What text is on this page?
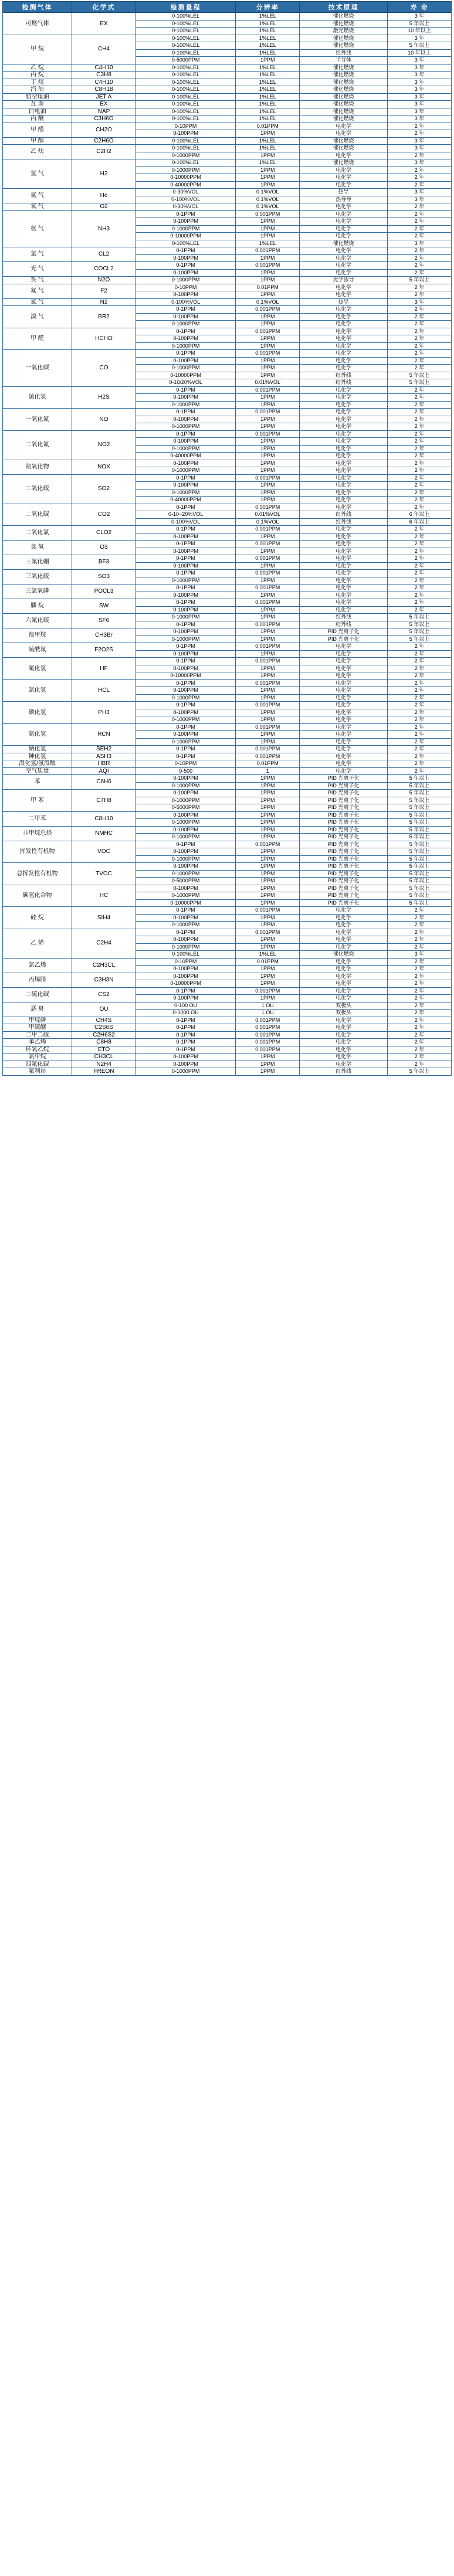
检测气体	化学式	检测量程	分辨率	技术原理	寿 命
可燃气体	EX	0-100%LEL	1%LEL	催化燃烧	3 年
		0-100%LEL	1%LEL	催化燃烧	5 年以上
		0-100%LEL	1%LEL	激光燃烧	10 年以上
甲 烷	CH4	0-100%LEL	1%LEL	催化燃烧	3 年
		0-100%LEL	1%LEL	催化燃烧	5 年以上
		0-100%LEL	1%LEL	红外线	10 年以上
		0-5000PPM	1PPM	半导体	3 年
乙 烷	C4H10	0-100%LEL	1%LEL	催化燃烧	3 年
丙 烷	C3H8	0-100%LEL	1%LEL	催化燃烧	3 年
丁 烷	C4H10	0-100%LEL	1%LEL	催化燃烧	3 年
汽 油	C8H18	0-100%LEL	1%LEL	催化燃烧	3 年
航空煤油	JET A	0-100%LEL	1%LEL	催化燃烧	3 年
瓦 斯	EX	0-100%LEL	1%LEL	催化燃烧	3 年
白电油	NAP	0-100%LEL	1%LEL	催化燃烧	3 年
丙 酮	C3H6O	0-100%LEL	1%LEL	催化燃烧	3 年
甲 醛	CH2O	0-10PPM	0.01PPM	电化学	2 年
		0-100PPM	1PPM	电化学	2 年
甲 醇	C2H6O	0-100%LEL	1%LEL	催化燃烧	3 年
乙 炔	C2H2	0-100%LEL	1%LEL	催化燃烧	3 年
		0-1000PPM	1PPM	电化学	2 年
氢 气	H2	0-100%LEL	1%LEL	催化燃烧	3 年
		0-1000PPM	1PPM	电化学	2 年
		0-10000PPM	1PPM	电化学	2 年
		0-40000PPM	1PPM	电化学	2 年
氦 气	He	0-30%VOL	0.1%VOL	热导	3 年
		0-100%VOL	0.1%VOL	热导导	3 年
氧 气	O2	0-30%VOL	0.1%VOL	电化学	2 年
氨 气	NH3	0-1PPM	0.001PPM	电化学	2 年
		0-100PPM	1PPM	电化学	2 年
		0-1000PPM	1PPM	电化学	2 年
		0-10000PPM	1PPM	电化学	2 年
		0-100%LEL	1%LEL	催化燃烧	3 年
氯 气	CL2	0-1PPM	0.001PPM	电化学	2 年
		0-100PPM	1PPM	电化学	2 年
光 气	COCL2	0-1PPM	0.001PPM	电化学	2 年
		0-100PPM	1PPM	电化学	2 年
笑 气	N2O	0-1000PPM	1PPM	光学浓导	5 年以上
氟 气	F2	0-10PPM	0.01PPM	电化学	2 年
		0-100PPM	1PPM	电化学	2 年
氮 气	N2	0-100%VOL	0.1%VOL	热导	3 年
溴 气	BR2	0-1PPM	0.001PPM	电化学	2 年
		0-100PPM	1PPM	电化学	2 年
		0-1000PPM	1PPM	电化学	2 年
甲 醛	HCHO	0-1PPM	0.001PPM	电化学	2 年
		0-100PPM	1PPM	电化学	2 年
		0-1000PPM	1PPM	电化学	2 年
一氧化碳	CO	0-1PPM	0.001PPM	电化学	2 年
		0-100PPM	1PPM	电化学	2 年
		0-1000PPM	1PPM	电化学	2 年
		0-10000PPM	1PPM	红外线	5 年以上
		0-10/20%VOL	0.01%VOL	红外线	5 年以上
硫化氢	H2S	0-1PPM	0.001PPM	电化学	2 年
		0-100PPM	1PPM	电化学	2 年
		0-1000PPM	1PPM	电化学	2 年
一氧化氮	NO	0-1PPM	0.001PPM	电化学	2 年
		0-100PPM	1PPM	电化学	2 年
		0-1000PPM	1PPM	电化学	2 年
二氧化氮	NO2	0-1PPM	0.001PPM	电化学	2 年
		0-100PPM	1PPM	电化学	2 年
		0-1000PPM	1PPM	电化学	2 年
		0-40000PPM	1PPM	电化学	2 年
氮氧化物	NOX	0-100PPM	1PPM	电化学	2 年
		0-1000PPM	1PPM	电化学	2 年
二氧化硫	SO2	0-1PPM	0.001PPM	电化学	2 年
		0-100PPM	1PPM	电化学	2 年
		0-1000PPM	1PPM	电化学	2 年
		0-40000PPM	1PPM	电化学	2 年
二氧化碳	CO2	0-1PPM	0.001PPM	电化学	2 年
		0-10~20%VOL	0.01%VOL	红外线	6 年以上
		0-100%VOL	0.1%VOL	红外线	6 年以上
二氧化氯	CLO2	0-1PPM	0.001PPM	电化学	2 年
		0-100PPM	1PPM	电化学	2 年
臭 氧	O3	0-1PPM	0.001PPM	电化学	2 年
		0-100PPM	1PPM	电化学	2 年
三氟化硼	BF3	0-1PPM	0.001PPM	电化学	2 年
		0-100PPM	1PPM	电化学	2 年
三氧化硫	SO3	0-1PPM	0.001PPM	电化学	2 年
		0-1000PPM	1PPM	电化学	2 年
三氯氧磷	POCL3	0-1PPM	0.001PPM	电化学	2 年
		0-100PPM	1PPM	电化学	2 年
膦 烷	SW	0-1PPM	0.001PPM	电化学	2 年
		0-100PPM	1PPM	电化学	2 年
六氟化硫	SF6	0-1000PPM	1PPM	红外线	5 年以上
		0-1PPM	0.001PPM	红外线	5 年以上
溴甲烷	CH3Br	0-100PPM	1PPM	PID 光离子化	5 年以上
		0-1000PPM	1PPM	PID 光离子化	5 年以上
硫酰氟	F2O2S	0-1PPM	0.001PPM	电化学	2 年
		0-100PPM	1PPM	电化学	2 年
氟化氢	HF	0-1PPM	0.001PPM	电化学	2 年
		0-100PPM	1PPM	电化学	2 年
		0-10000PPM	1PPM	电化学	2 年
氯化氢	HCL	0-1PPM	0.001PPM	电化学	2 年
		0-100PPM	1PPM	电化学	2 年
		0-1000PPM	1PPM	电化学	2 年
磷化氢	PH3	0-1PPM	0.001PPM	电化学	2 年
		0-100PPM	1PPM	电化学	2 年
		0-1000PPM	1PPM	电化学	2 年
氰化氢	HCN	0-1PPM	0.001PPM	电化学	2 年
		0-100PPM	1PPM	电化学	2 年
		0-1000PPM	1PPM	电化学	2 年
硒化氢	SEH2	0-1PPM	0.001PPM	电化学	2 年
砷化氢	ASH3	0-1PPM	0.001PPM	电化学	2 年
溴化氢/氢溴酸	HBR	0-10PPM	0.01PPM	电化学	2 年
空气质量	AQI	0-500	1	电化学	2 年
苯	C6H6	0-100PPM	1PPM	PID 光离子化	5 年以上
		0-1000PPM	1PPM	PID 光离子化	5 年以上
甲 苯	C7H8	0-100PPM	1PPM	PID 光离子化	5 年以上
		0-1000PPM	1PPM	PID 光离子化	5 年以上
		0-5000PPM	1PPM	PID 光离子化	5 年以上
二甲苯	C8H10	0-100PPM	1PPM	PID 光离子化	5 年以上
		0-1000PPM	1PPM	PID 光离子化	5 年以上
非甲烷总烃	NMHC	0-100PPM	1PPM	PID 光离子化	5 年以上
		0-1000PPM	1PPM	PID 光离子化	5 年以上
挥发性有机物	VOC	0-1PPM	0.001PPM	PID 光离子化	5 年以上
		0-100PPM	1PPM	PID 光离子化	5 年以上
		0-1000PPM	1PPM	PID 光离子化	5 年以上
总挥发性有机物	TVOC	0-100PPM	1PPM	PID 光离子化	5 年以上
		0-1000PPM	1PPM	PID 光离子化	5 年以上
		0-5000PPM	1PPM	PID 光离子化	5 年以上
碳氢化合物	HC	0-100PPM	1PPM	PID 光离子化	5 年以上
		0-1000PPM	1PPM	PID 光离子化	5 年以上
		0-10000PPM	1PPM	PID 光离子化	5 年以上
硅 烷	SIH4	0-1PPM	0.001PPM	电化学	2 年
		0-100PPM	1PPM	电化学	2 年
		0-1000PPM	1PPM	电化学	2 年
乙 烯	C2H4	0-1PPM	0.001PPM	电化学	2 年
		0-100PPM	1PPM	电化学	2 年
		0-1000PPM	1PPM	电化学	2 年
		0-100%LEL	1%LEL	催化燃烧	3 年
氯乙烯	C2H3CL	0-10PPM	0.01PPM	电化学	2 年
		0-100PPM	1PPM	电化学	2 年
丙烯腈	C3H3N	0-100PPM	1PPM	电化学	2 年
		0-10000PPM	1PPM	电化学	2 年
二硫化碳	CS2	0-1PPM	0.001PPM	电化学	2 年
		0-100PPM	1PPM	电化学	2 年
恶 臭	OU	0-100 OU	1 OU	双极头	2 年
		0-1000 OU	1 OU	双极头	2 年
甲烷磷	CH4S	0-1PPM	0.001PPM	电化学	2 年
甲硫醚	C2S6S	0-1PPM	0.001PPM	电化学	2 年
二甲二硫	C2H6S2	0-1PPM	0.001PPM	电化学	2 年
苯乙烯	C8H8	0-1PPM	0.001PPM	电化学	2 年
环氧乙烷	ETO	0-1PPM	0.001PPM	电化学	2 年
氯甲烷	CH3CL	0-100PPM	1PPM	电化学	2 年
四氟化碳	N2H4	0-100PPM	1PPM	电化学	2 年
氟利昂	FREON	0-1000PPM	1PPM	红外线	5 年以上
